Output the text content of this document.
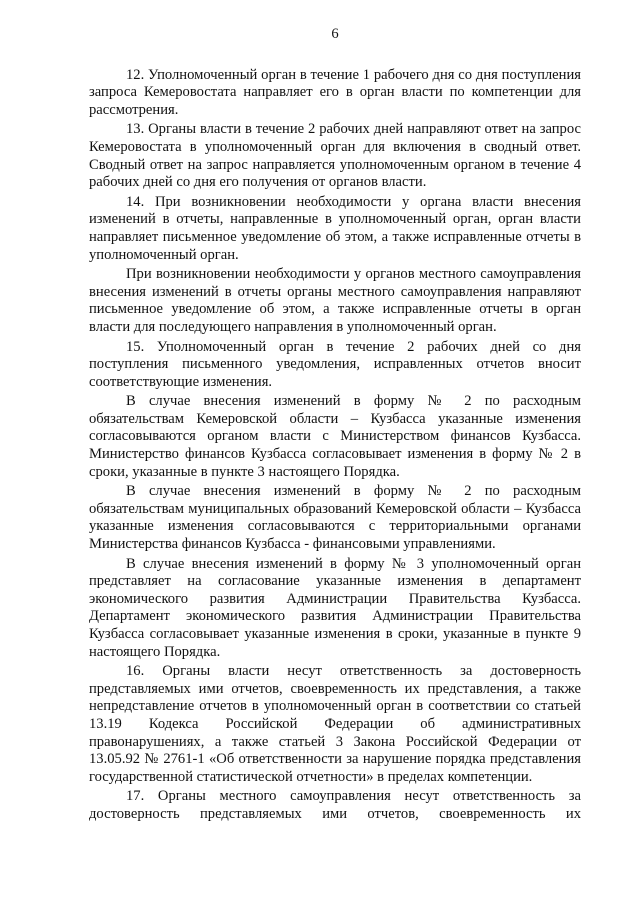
6

12. Уполномоченный орган в течение 1 рабочего дня со дня поступления запроса Кемеровостата направляет его в орган власти по компетенции для рассмотрения.

13. Органы власти в течение 2 рабочих дней направляют ответ на запрос Кемеровостата в уполномоченный орган для включения в сводный ответ. Сводный ответ на запрос направляется уполномоченным органом в течение 4 рабочих дней со дня его получения от органов власти.

14. При возникновении необходимости у органа власти внесения изменений в отчеты, направленные в уполномоченный орган, орган власти направляет письменное уведомление об этом, а также исправленные отчеты в уполномоченный орган.

При возникновении необходимости у органов местного самоуправления внесения изменений в отчеты органы местного самоуправления направляют письменное уведомление об этом, а также исправленные отчеты в орган власти для последующего направления в уполномоченный орган.

15. Уполномоченный орган в течение 2 рабочих дней со дня поступления письменного уведомления, исправленных отчетов вносит соответствующие изменения.

В случае внесения изменений в форму № 2 по расходным обязательствам Кемеровской области – Кузбасса указанные изменения согласовываются органом власти с Министерством финансов Кузбасса. Министерство финансов Кузбасса согласовывает изменения в форму № 2 в сроки, указанные в пункте 3 настоящего Порядка.

В случае внесения изменений в форму № 2 по расходным обязательствам муниципальных образований Кемеровской области – Кузбасса указанные изменения согласовываются с территориальными органами Министерства финансов Кузбасса - финансовыми управлениями.

В случае внесения изменений в форму № 3 уполномоченный орган представляет на согласование указанные изменения в департамент экономического развития Администрации Правительства Кузбасса. Департамент экономического развития Администрации Правительства Кузбасса согласовывает указанные изменения в сроки, указанные в пункте 9 настоящего Порядка.

16. Органы власти несут ответственность за достоверность представляемых ими отчетов, своевременность их представления, а также непредставление отчетов в уполномоченный орган в соответствии со статьей 13.19 Кодекса Российской Федерации об административных правонарушениях, а также статьей 3 Закона Российской Федерации от 13.05.92 № 2761-1 «Об ответственности за нарушение порядка представления государственной статистической отчетности» в пределах компетенции.

17. Органы местного самоуправления несут ответственность за достоверность представляемых ими отчетов, своевременность их
